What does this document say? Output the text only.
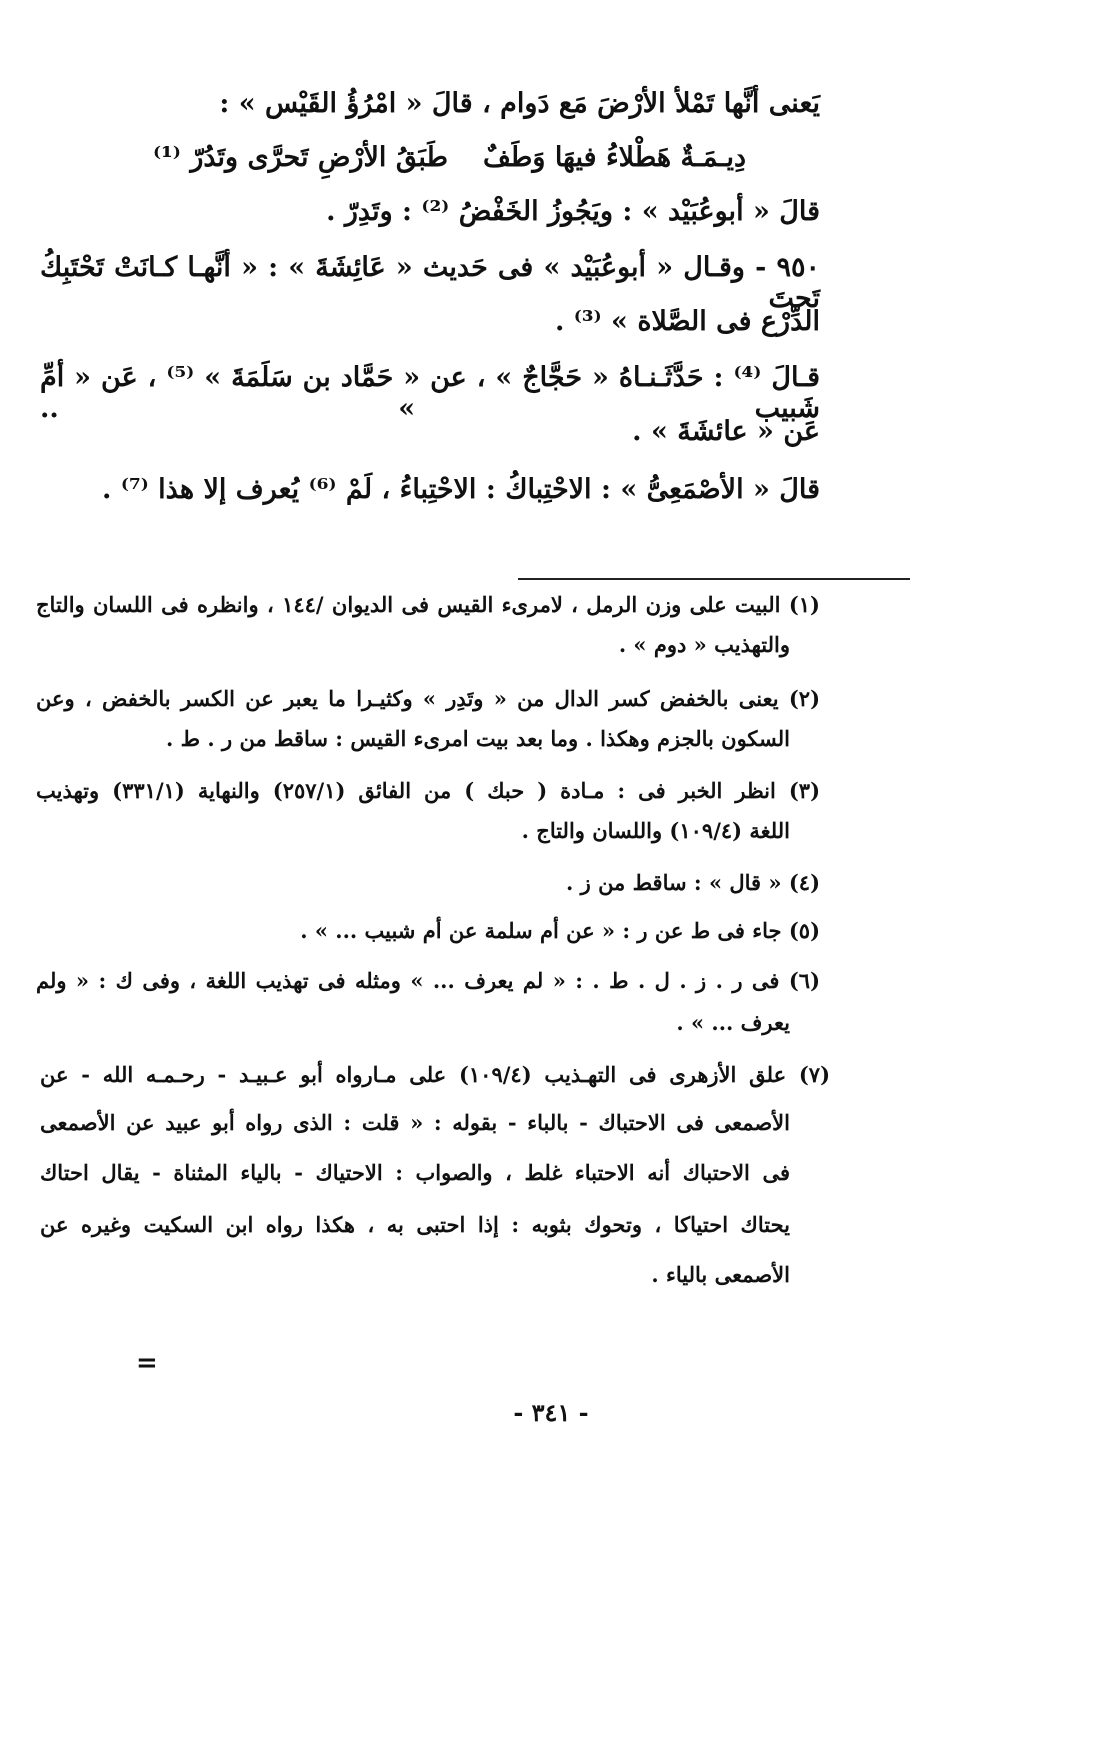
يَعنى أنَّها تَمْلأ الأرْضَ مَع دَوام ، قالَ « امْرُؤُ القَيْس » :
دِيـمَـةٌ هَطْلاءُ فيهَا وَطَفٌ
طَبَقُ الأرْضِ تَحرَّى وتَدُرّ ⁽¹⁾
قالَ « أبوعُبَيْد » : ويَجُوزُ الخَفْضُ ⁽²⁾ : وتَدِرّ .
٩٥٠ - وقـال « أبوعُبَيْد » فى حَديث « عَائِشَةَ » : « أنَّهـا كـانَتْ تَحْتَبِكُ تَحتَ
الدِّرْع فى الصَّلاة » ⁽³⁾ .
قـالَ ⁽⁴⁾ : حَدَّثَـنـاهُ « حَجَّاجٌ » ، عن « حَمَّاد بن سَلَمَةَ » ⁽⁵⁾ ، عَن « أمِّ شَبيب » ..
عَن « عائشَةَ » .
قالَ « الأصْمَعِىُّ » : الاحْتِباكُ : الاحْتِباءُ ، لَمْ ⁽⁶⁾ يُعرف إلا هذا ⁽⁷⁾ .
(١) البيت على وزن الرمل ، لامرىء القيس فى الديوان /١٤٤ ، وانظره فى اللسان والتاج
والتهذيب « دوم » .
(٢) يعنى بالخفض كسر الدال من « وتَدِر » وكثيـرا ما يعبر عن الكسر بالخفض ، وعن
السكون بالجزم وهكذا . وما بعد بيت امرىء القيس : ساقط من ر . ط .
(٣) انظر الخبر فى : مـادة ( حبك ) من الفائق (٢٥٧/١) والنهاية (٣٣١/١) وتهذيب
اللغة (١٠٩/٤) واللسان والتاج .
(٤) « قال » : ساقط من ز .
(٥) جاء فى ط عن ر : « عن أم سلمة عن أم شبيب ... » .
(٦) فى ر . ز . ل . ط . : « لم يعرف ... » ومثله فى تهذيب اللغة ، وفى ك : « ولم
يعرف ... » .
(٧) علق الأزهرى فى التهـذيب (١٠٩/٤) على مـارواه أبو عـبيـد - رحـمـه الله - عن
الأصمعى فى الاحتباك - بالباء - بقوله : « قلت : الذى رواه أبو عبيد عن الأصمعى
فى الاحتباك أنه الاحتباء غلط ، والصواب : الاحتياك - بالياء المثناة - يقال احتاك
يحتاك احتياكا ، وتحوك بثوبه : إذا احتبى به ، هكذا رواه ابن السكيت وغيره عن
الأصمعى بالياء .
=
- ٣٤١ -
